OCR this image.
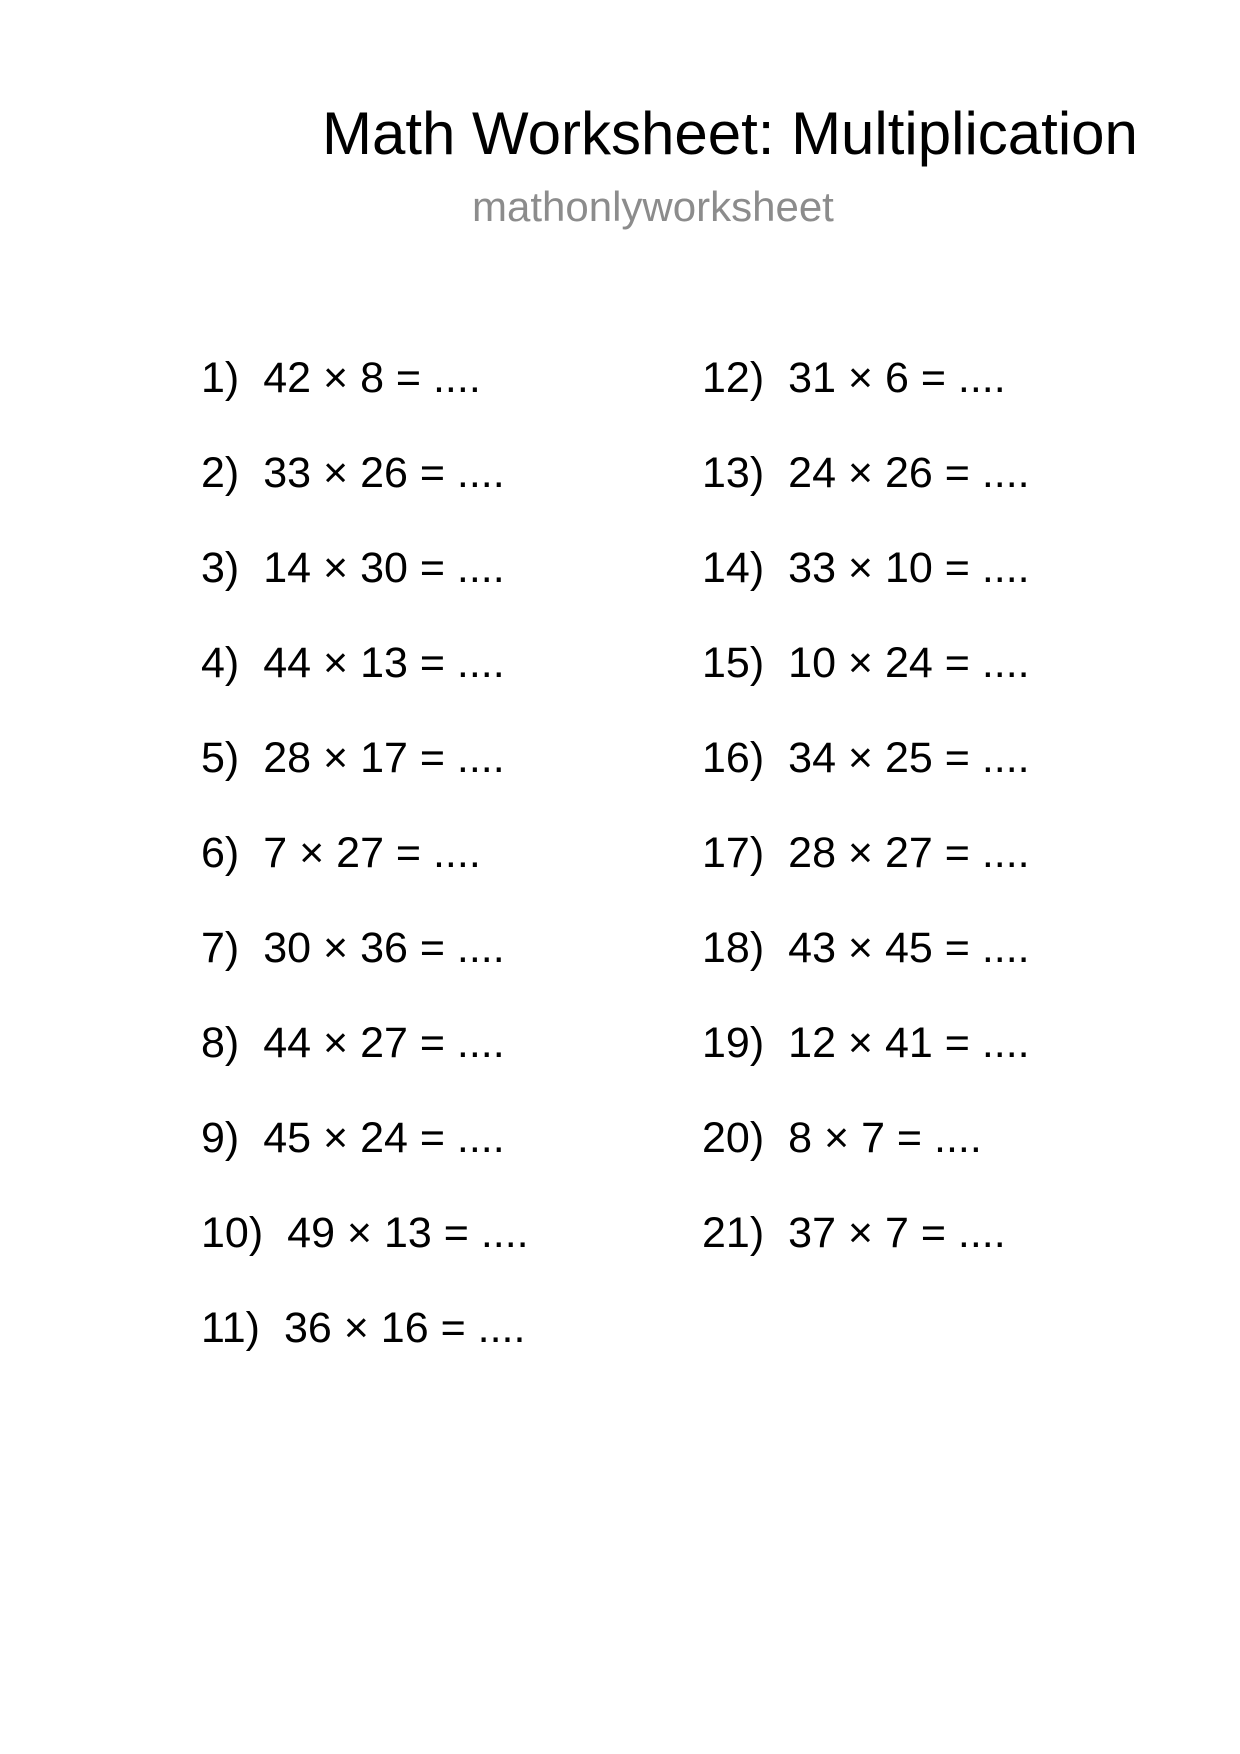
Math Worksheet: Multiplication
mathonlyworksheet
1) 42 × 8 = ....
2) 33 × 26 = ....
3) 14 × 30 = ....
4) 44 × 13 = ....
5) 28 × 17 = ....
6) 7 × 27 = ....
7) 30 × 36 = ....
8) 44 × 27 = ....
9) 45 × 24 = ....
10) 49 × 13 = ....
11) 36 × 16 = ....
12) 31 × 6 = ....
13) 24 × 26 = ....
14) 33 × 10 = ....
15) 10 × 24 = ....
16) 34 × 25 = ....
17) 28 × 27 = ....
18) 43 × 45 = ....
19) 12 × 41 = ....
20) 8 × 7 = ....
21) 37 × 7 = ....
